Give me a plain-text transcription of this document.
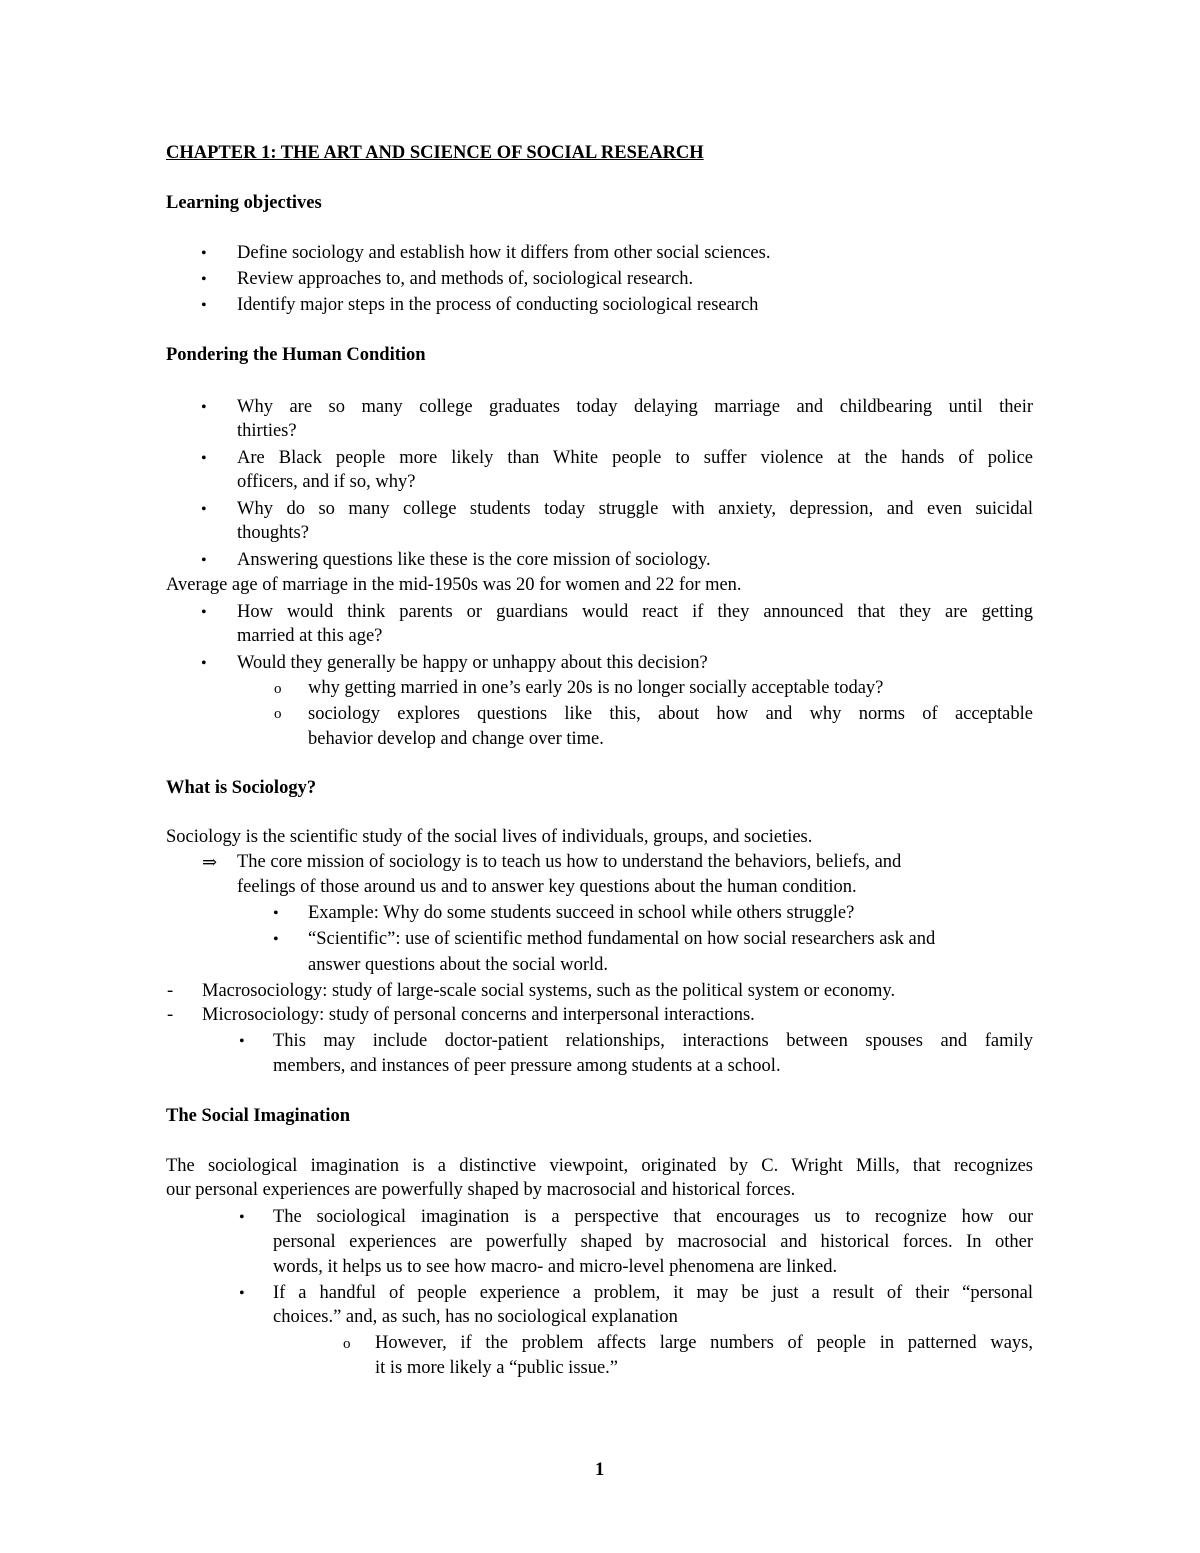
CHAPTER 1: THE ART AND SCIENCE OF SOCIAL RESEARCH
Learning objectives
• Define sociology and establish how it differs from other social sciences.
• Review approaches to, and methods of, sociological research.
• Identify major steps in the process of conducting sociological research
Pondering the Human Condition
• Why are so many college graduates today delaying marriage and childbearing until their
thirties?
• Are Black people more likely than White people to suffer violence at the hands of police
officers, and if so, why?
• Why do so many college students today struggle with anxiety, depression, and even suicidal
thoughts?
• Answering questions like these is the core mission of sociology.
Average age of marriage in the mid-1950s was 20 for women and 22 for men.
• How would think parents or guardians would react if they announced that they are getting
married at this age?
• Would they generally be happy or unhappy about this decision?
o why getting married in one’s early 20s is no longer socially acceptable today?
o sociology explores questions like this, about how and why norms of acceptable
behavior develop and change over time.
What is Sociology?
Sociology is the scientific study of the social lives of individuals, groups, and societies.
⇒ The core mission of sociology is to teach us how to understand the behaviors, beliefs, and
feelings of those around us and to answer key questions about the human condition.
• Example: Why do some students succeed in school while others struggle?
• “Scientific”: use of scientific method fundamental on how social researchers ask and
answer questions about the social world.
- Macrosociology: study of large-scale social systems, such as the political system or economy.
- Microsociology: study of personal concerns and interpersonal interactions.
• This may include doctor-patient relationships, interactions between spouses and family
members, and instances of peer pressure among students at a school.
The Social Imagination
The sociological imagination is a distinctive viewpoint, originated by C. Wright Mills, that recognizes
our personal experiences are powerfully shaped by macrosocial and historical forces.
• The sociological imagination is a perspective that encourages us to recognize how our
personal experiences are powerfully shaped by macrosocial and historical forces. In other
words, it helps us to see how macro- and micro-level phenomena are linked.
• If a handful of people experience a problem, it may be just a result of their “personal
choices.” and, as such, has no sociological explanation
o However, if the problem affects large numbers of people in patterned ways,
it is more likely a “public issue.”
1
